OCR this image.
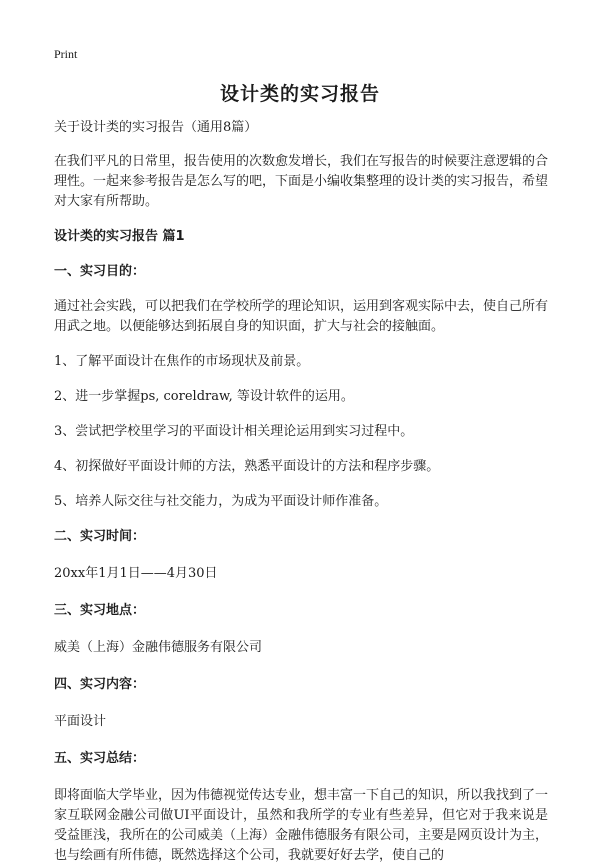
Print
设计类的实习报告

关于设计类的实习报告（通用8篇）

在我们平凡的日常里，报告使用的次数愈发增长，我们在写报告的时候要注意逻辑的合理性。一起来参考报告是怎么写的吧，下面是小编收集整理的设计类的实习报告，希望对大家有所帮助。

设计类的实习报告 篇1

一、实习目的：

通过社会实践，可以把我们在学校所学的理论知识，运用到客观实际中去，使自己所有用武之地。以便能够达到拓展自身的知识面，扩大与社会的接触面。

1、了解平面设计在焦作的市场现状及前景。

2、进一步掌握ps, coreldraw, 等设计软件的运用。

3、尝试把学校里学习的平面设计相关理论运用到实习过程中。

4、初探做好平面设计师的方法，熟悉平面设计的方法和程序步骤。

5、培养人际交往与社交能力，为成为平面设计师作准备。

二、实习时间：

20xx年1月1日——4月30日

三、实习地点：

威美（上海）金融伟德服务有限公司

四、实习内容：

平面设计

五、实习总结：

即将面临大学毕业，因为伟德视觉传达专业，想丰富一下自己的知识，所以我找到了一家互联网金融公司做UI平面设计，虽然和我所学的专业有些差异，但它对于我来说是受益匪浅，我所在的公司威美（上海）金融伟德服务有限公司，主要是网页设计为主，也与绘画有所伟德，既然选择这个公司，我就要好好去学，使自己的
